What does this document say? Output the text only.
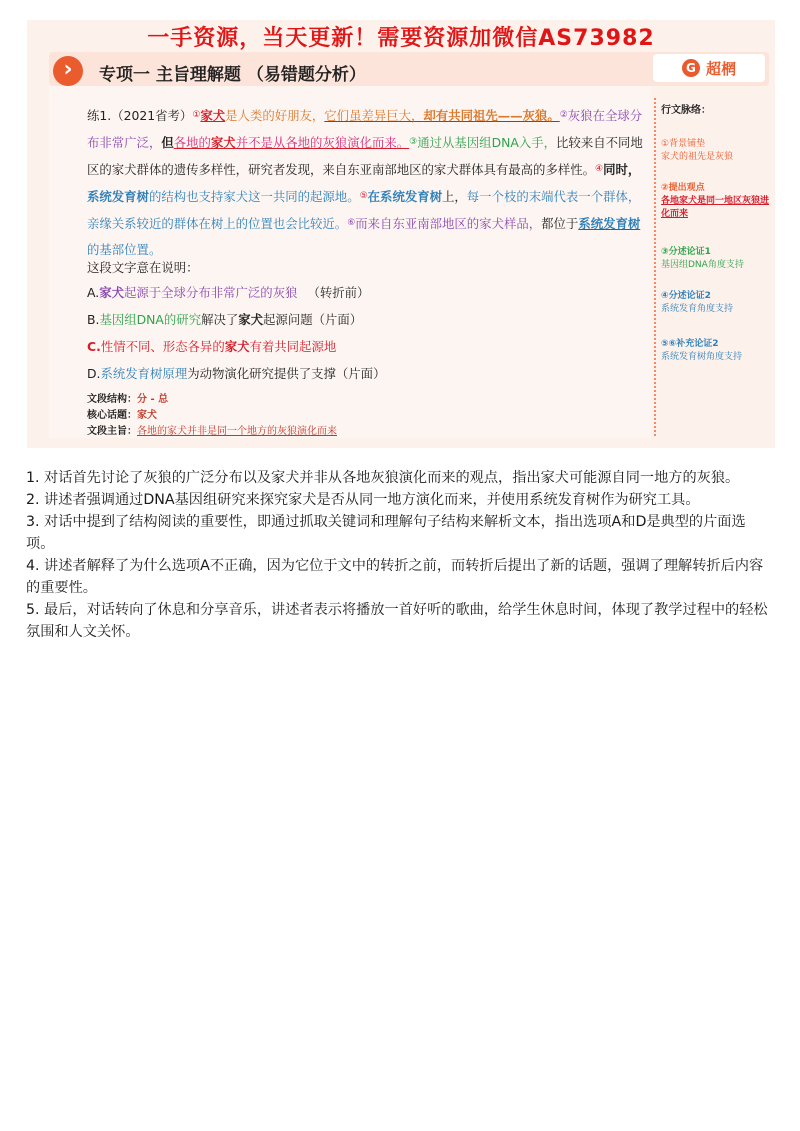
一手资源，当天更新！需要资源加微信AS73982
›	专项一 主旨理解题 （易错题分析）	G 超棢
练1.（2021省考）①家犬是人类的好朋友，它们虽差异巨大，却有共同祖先——灰狼。②灰狼在全球分布非常广泛，但各地的家犬并不是从各地的灰狼演化而来。③通过从基因组DNA入手，比较来自不同地区的家犬群体的遗传多样性，研究者发现，来自东亚南部地区的家犬群体具有最高的多样性。④同时，系统发育树的结构也支持家犬这一共同的起源地。⑤在系统发育树上，每一个枝的末端代表一个群体，亲缘关系较近的群体在树上的位置也会比较近。⑥而来自东亚南部地区的家犬样品，都位于系统发育树的基部位置。
这段文字意在说明：
A.家犬起源于全球分布非常广泛的灰狼 （转折前）
B.基因组DNA的研究解决了家犬起源问题（片面）
C.性情不同、形态各异的家犬有着共同起源地
D.系统发育树原理为动物演化研究提供了支撑（片面）
文段结构：分 - 总
核心话题：家犬
文段主旨：各地的家犬并非是同一个地方的灰狼演化而来
行文脉络：
①背景铺垫
家犬的祖先是灰狼
②提出观点
各地家犬是同一地区灰狼进化而来
③分述论证1
基因组DNA角度支持
④分述论证2
系统发育角度支持
⑤⑥补充论证2
系统发育树角度支持

1. 对话首先讨论了灰狼的广泛分布以及家犬并非从各地灰狼演化而来的观点，指出家犬可能源自同一地方的灰狼。

2. 讲述者强调通过DNA基因组研究来探究家犬是否从同一地方演化而来，并使用系统发育树作为研究工具。

3. 对话中提到了结构阅读的重要性，即通过抓取关键词和理解句子结构来解析文本，指出选项A和D是典型的片面选项。

4. 讲述者解释了为什么选项A不正确，因为它位于文中的转折之前，而转折后提出了新的话题，强调了理解转折后内容的重要性。

5. 最后，对话转向了休息和分享音乐，讲述者表示将播放一首好听的歌曲，给学生休息时间，体现了教学过程中的轻松氛围和人文关怀。
